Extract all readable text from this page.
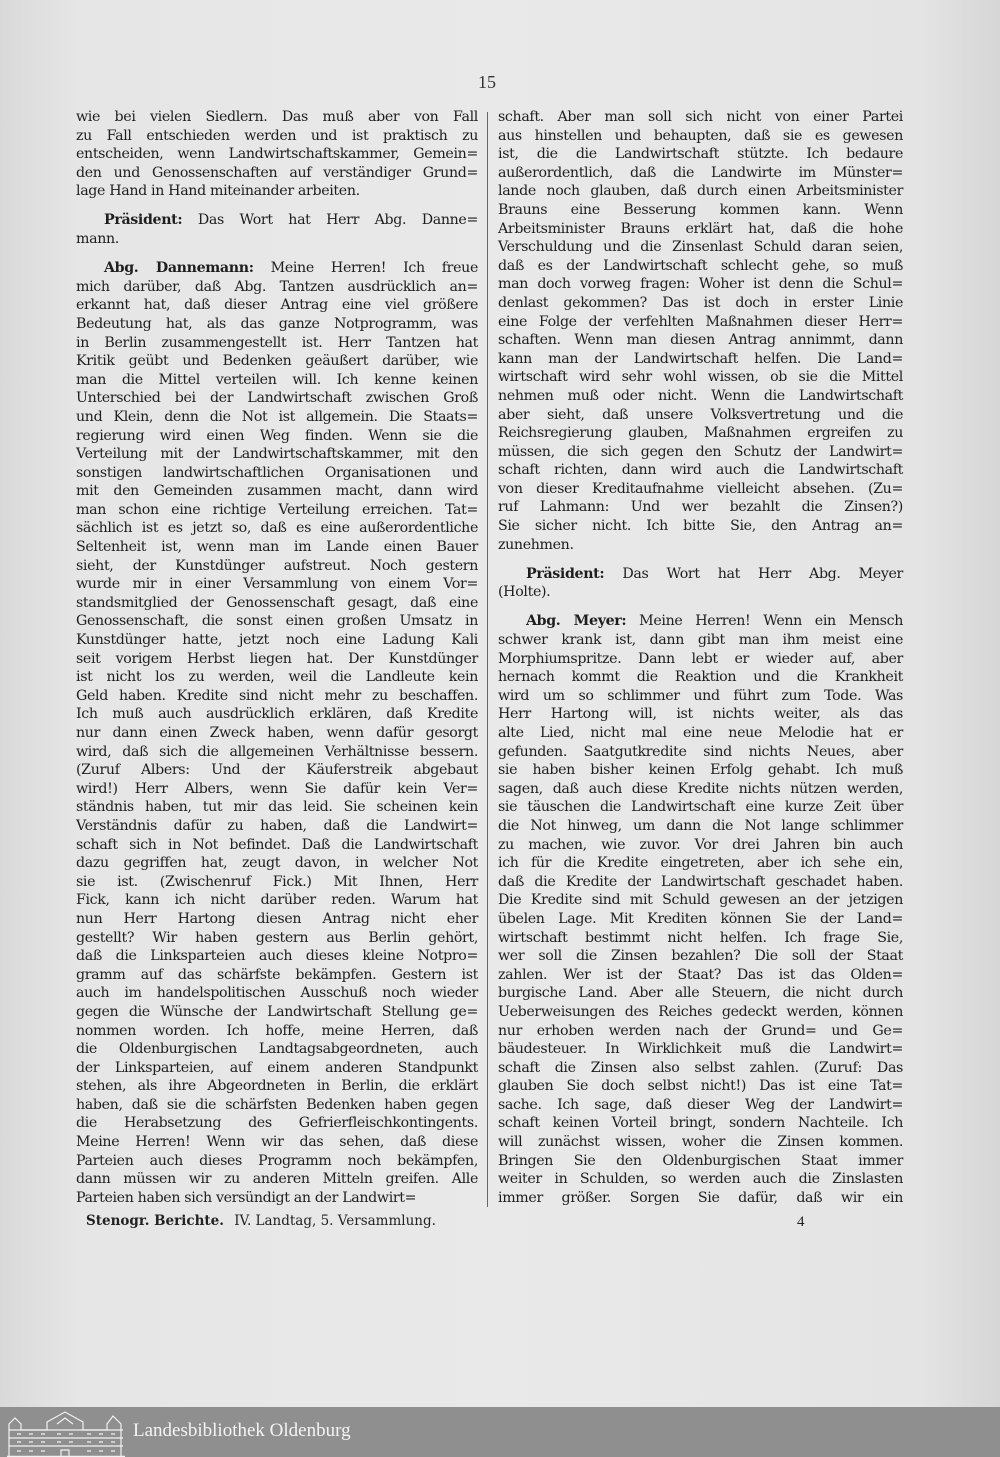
15
wie bei vielen Siedlern. Das muß aber von Fall
zu Fall entschieden werden und ist praktisch zu
entscheiden, wenn Landwirtschaftskammer, Gemein=
den und Genossenschaften auf verständiger Grund=
lage Hand in Hand miteinander arbeiten.
Präsident: Das Wort hat Herr Abg. Danne=
mann.
Abg. Dannemann: Meine Herren! Ich freue
mich darüber, daß Abg. Tantzen ausdrücklich an=
erkannt hat, daß dieser Antrag eine viel größere
Bedeutung hat, als das ganze Notprogramm, was
in Berlin zusammengestellt ist. Herr Tantzen hat
Kritik geübt und Bedenken geäußert darüber, wie
man die Mittel verteilen will. Ich kenne keinen
Unterschied bei der Landwirtschaft zwischen Groß
und Klein, denn die Not ist allgemein. Die Staats=
regierung wird einen Weg finden. Wenn sie die
Verteilung mit der Landwirtschaftskammer, mit den
sonstigen landwirtschaftlichen Organisationen und
mit den Gemeinden zusammen macht, dann wird
man schon eine richtige Verteilung erreichen. Tat=
sächlich ist es jetzt so, daß es eine außerordentliche
Seltenheit ist, wenn man im Lande einen Bauer
sieht, der Kunstdünger aufstreut. Noch gestern
wurde mir in einer Versammlung von einem Vor=
standsmitglied der Genossenschaft gesagt, daß eine
Genossenschaft, die sonst einen großen Umsatz in
Kunstdünger hatte, jetzt noch eine Ladung Kali
seit vorigem Herbst liegen hat. Der Kunstdünger
ist nicht los zu werden, weil die Landleute kein
Geld haben. Kredite sind nicht mehr zu beschaffen.
Ich muß auch ausdrücklich erklären, daß Kredite
nur dann einen Zweck haben, wenn dafür gesorgt
wird, daß sich die allgemeinen Verhältnisse bessern.
(Zuruf Albers: Und der Käuferstreik abgebaut
wird!) Herr Albers, wenn Sie dafür kein Ver=
ständnis haben, tut mir das leid. Sie scheinen kein
Verständnis dafür zu haben, daß die Landwirt=
schaft sich in Not befindet. Daß die Landwirtschaft
dazu gegriffen hat, zeugt davon, in welcher Not
sie ist. (Zwischenruf Fick.) Mit Ihnen, Herr
Fick, kann ich nicht darüber reden. Warum hat
nun Herr Hartong diesen Antrag nicht eher
gestellt? Wir haben gestern aus Berlin gehört,
daß die Linksparteien auch dieses kleine Notpro=
gramm auf das schärfste bekämpfen. Gestern ist
auch im handelspolitischen Ausschuß noch wieder
gegen die Wünsche der Landwirtschaft Stellung ge=
nommen worden. Ich hoffe, meine Herren, daß
die Oldenburgischen Landtagsabgeordneten, auch
der Linksparteien, auf einem anderen Standpunkt
stehen, als ihre Abgeordneten in Berlin, die erklärt
haben, daß sie die schärfsten Bedenken haben gegen
die Herabsetzung des Gefrierfleischkontingents.
Meine Herren! Wenn wir das sehen, daß diese
Parteien auch dieses Programm noch bekämpfen,
dann müssen wir zu anderen Mitteln greifen. Alle
Parteien haben sich versündigt an der Landwirt=
schaft. Aber man soll sich nicht von einer Partei
aus hinstellen und behaupten, daß sie es gewesen
ist, die die Landwirtschaft stützte. Ich bedaure
außerordentlich, daß die Landwirte im Münster=
lande noch glauben, daß durch einen Arbeitsminister
Brauns eine Besserung kommen kann. Wenn
Arbeitsminister Brauns erklärt hat, daß die hohe
Verschuldung und die Zinsenlast Schuld daran seien,
daß es der Landwirtschaft schlecht gehe, so muß
man doch vorweg fragen: Woher ist denn die Schul=
denlast gekommen? Das ist doch in erster Linie
eine Folge der verfehlten Maßnahmen dieser Herr=
schaften. Wenn man diesen Antrag annimmt, dann
kann man der Landwirtschaft helfen. Die Land=
wirtschaft wird sehr wohl wissen, ob sie die Mittel
nehmen muß oder nicht. Wenn die Landwirtschaft
aber sieht, daß unsere Volksvertretung und die
Reichsregierung glauben, Maßnahmen ergreifen zu
müssen, die sich gegen den Schutz der Landwirt=
schaft richten, dann wird auch die Landwirtschaft
von dieser Kreditaufnahme vielleicht absehen. (Zu=
ruf Lahmann: Und wer bezahlt die Zinsen?)
Sie sicher nicht. Ich bitte Sie, den Antrag an=
zunehmen.
Präsident: Das Wort hat Herr Abg. Meyer
(Holte).
Abg. Meyer: Meine Herren! Wenn ein Mensch
schwer krank ist, dann gibt man ihm meist eine
Morphiumspritze. Dann lebt er wieder auf, aber
hernach kommt die Reaktion und die Krankheit
wird um so schlimmer und führt zum Tode. Was
Herr Hartong will, ist nichts weiter, als das
alte Lied, nicht mal eine neue Melodie hat er
gefunden. Saatgutkredite sind nichts Neues, aber
sie haben bisher keinen Erfolg gehabt. Ich muß
sagen, daß auch diese Kredite nichts nützen werden,
sie täuschen die Landwirtschaft eine kurze Zeit über
die Not hinweg, um dann die Not lange schlimmer
zu machen, wie zuvor. Vor drei Jahren bin auch
ich für die Kredite eingetreten, aber ich sehe ein,
daß die Kredite der Landwirtschaft geschadet haben.
Die Kredite sind mit Schuld gewesen an der jetzigen
übelen Lage. Mit Krediten können Sie der Land=
wirtschaft bestimmt nicht helfen. Ich frage Sie,
wer soll die Zinsen bezahlen? Die soll der Staat
zahlen. Wer ist der Staat? Das ist das Olden=
burgische Land. Aber alle Steuern, die nicht durch
Ueberweisungen des Reiches gedeckt werden, können
nur erhoben werden nach der Grund= und Ge=
bäudesteuer. In Wirklichkeit muß die Landwirt=
schaft die Zinsen also selbst zahlen. (Zuruf: Das
glauben Sie doch selbst nicht!) Das ist eine Tat=
sache. Ich sage, daß dieser Weg der Landwirt=
schaft keinen Vorteil bringt, sondern Nachteile. Ich
will zunächst wissen, woher die Zinsen kommen.
Bringen Sie den Oldenburgischen Staat immer
weiter in Schulden, so werden auch die Zinslasten
immer größer. Sorgen Sie dafür, daß wir ein
Stenogr. Berichte. IV. Landtag, 5. Versammlung.	4
Landesbibliothek Oldenburg
